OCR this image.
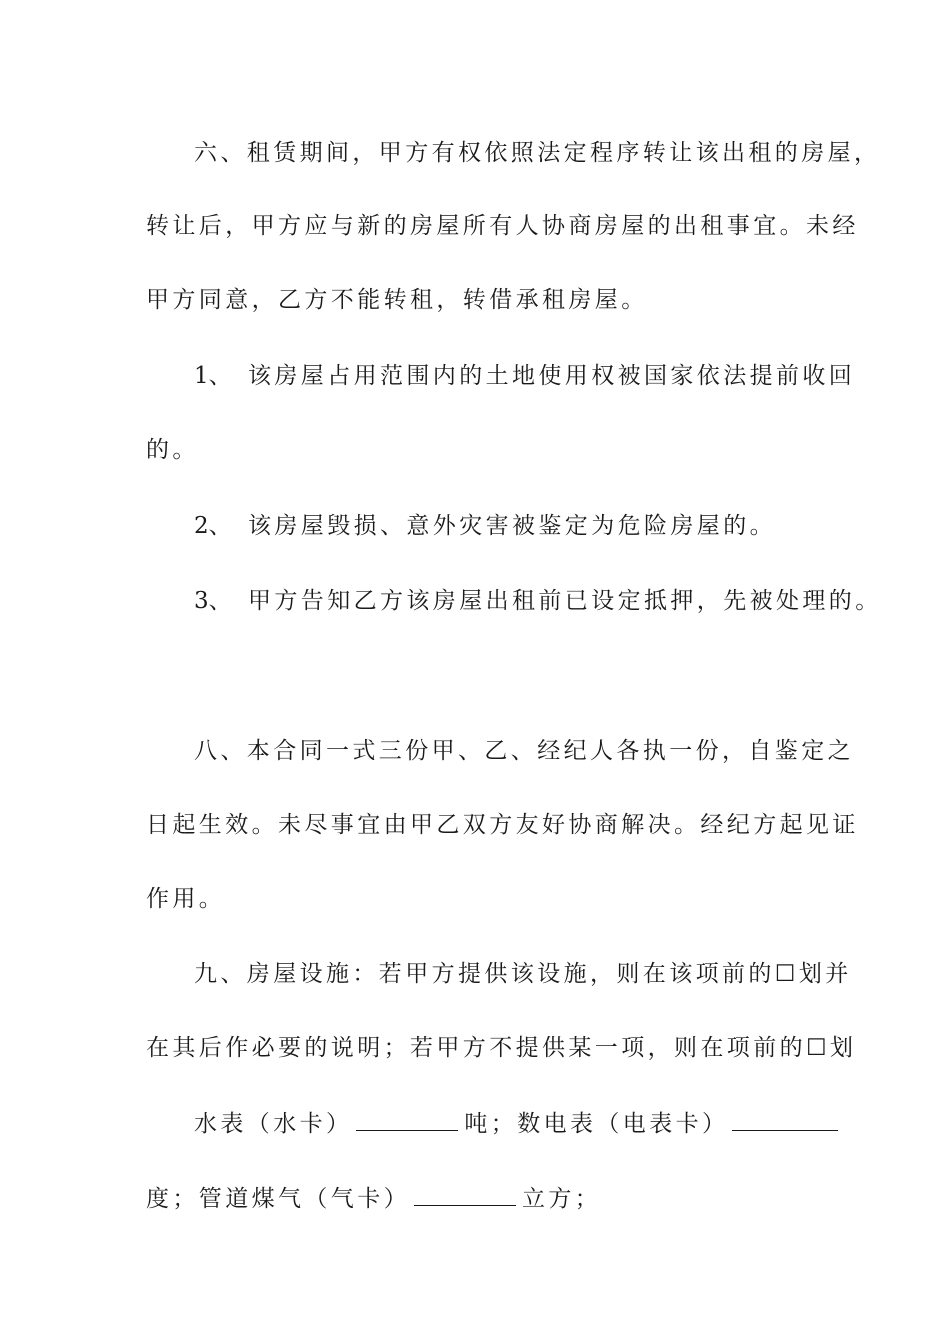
六、租赁期间，甲方有权依照法定程序转让该出租的房屋，
转让后，甲方应与新的房屋所有人协商房屋的出租事宜。未经
甲方同意，乙方不能转租，转借承租房屋。
1、 该房屋占用范围内的土地使用权被国家依法提前收回
的。
2、 该房屋毁损、意外灾害被鉴定为危险房屋的。
3、 甲方告知乙方该房屋出租前已设定抵押，先被处理的。
八、本合同一式三份甲、乙、经纪人各执一份，自鉴定之
日起生效。未尽事宜由甲乙双方友好协商解决。经纪方起见证
作用。
九、房屋设施：若甲方提供该设施，则在该项前的☐划并
在其后作必要的说明；若甲方不提供某一项，则在项前的☐划
水表（水卡）	吨；数电表（电表卡）
度；管道煤气（气卡）	立方；
